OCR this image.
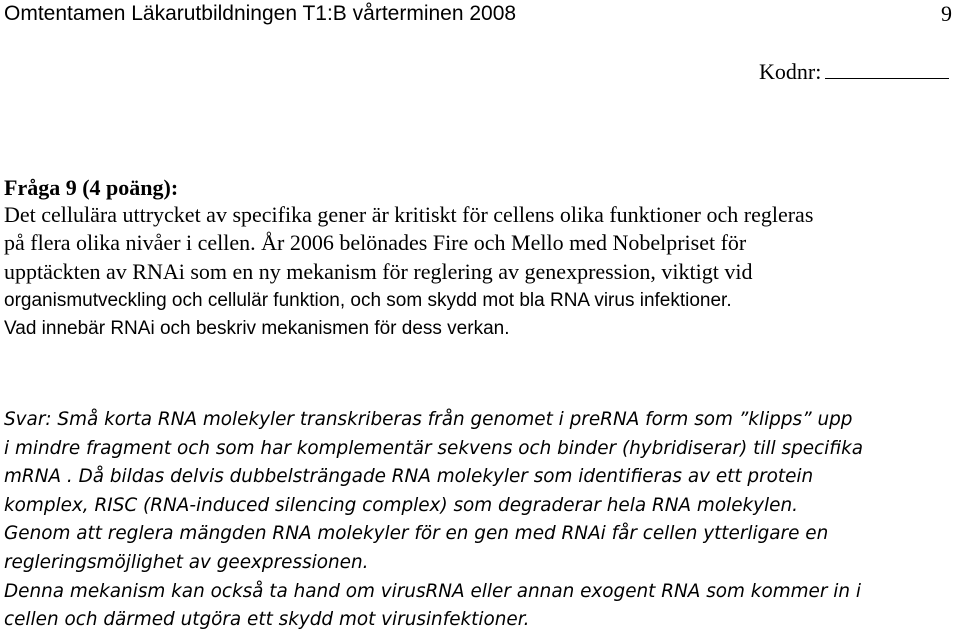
Omtentamen Läkarutbildningen T1:B vårterminen 2008	9
Kodnr:
Fråga 9 (4 poäng):
Det cellulära uttrycket av specifika gener är kritiskt för cellens olika funktioner och regleras
på flera olika nivåer i cellen. År 2006 belönades Fire och Mello med Nobelpriset för
upptäckten av RNAi som en ny mekanism för reglering av genexpression, viktigt vid
organismutveckling och cellulär funktion, och som skydd mot bla RNA virus infektioner.
Vad innebär RNAi och beskriv mekanismen för dess verkan.
Svar: Små korta RNA molekyler transkriberas från genomet i preRNA form som ”klipps” upp
i mindre fragment och som har komplementär sekvens och binder (hybridiserar) till specifika
mRNA . Då bildas delvis dubbelsträngade RNA molekyler som identifieras av ett protein
komplex, RISC (RNA-induced silencing complex) som degraderar hela RNA molekylen.
Genom att reglera mängden RNA molekyler för en gen med RNAi får cellen ytterligare en
regleringsmöjlighet av geexpressionen.
Denna mekanism kan också ta hand om virusRNA eller annan exogent RNA som kommer in i
cellen och därmed utgöra ett skydd mot virusinfektioner.
